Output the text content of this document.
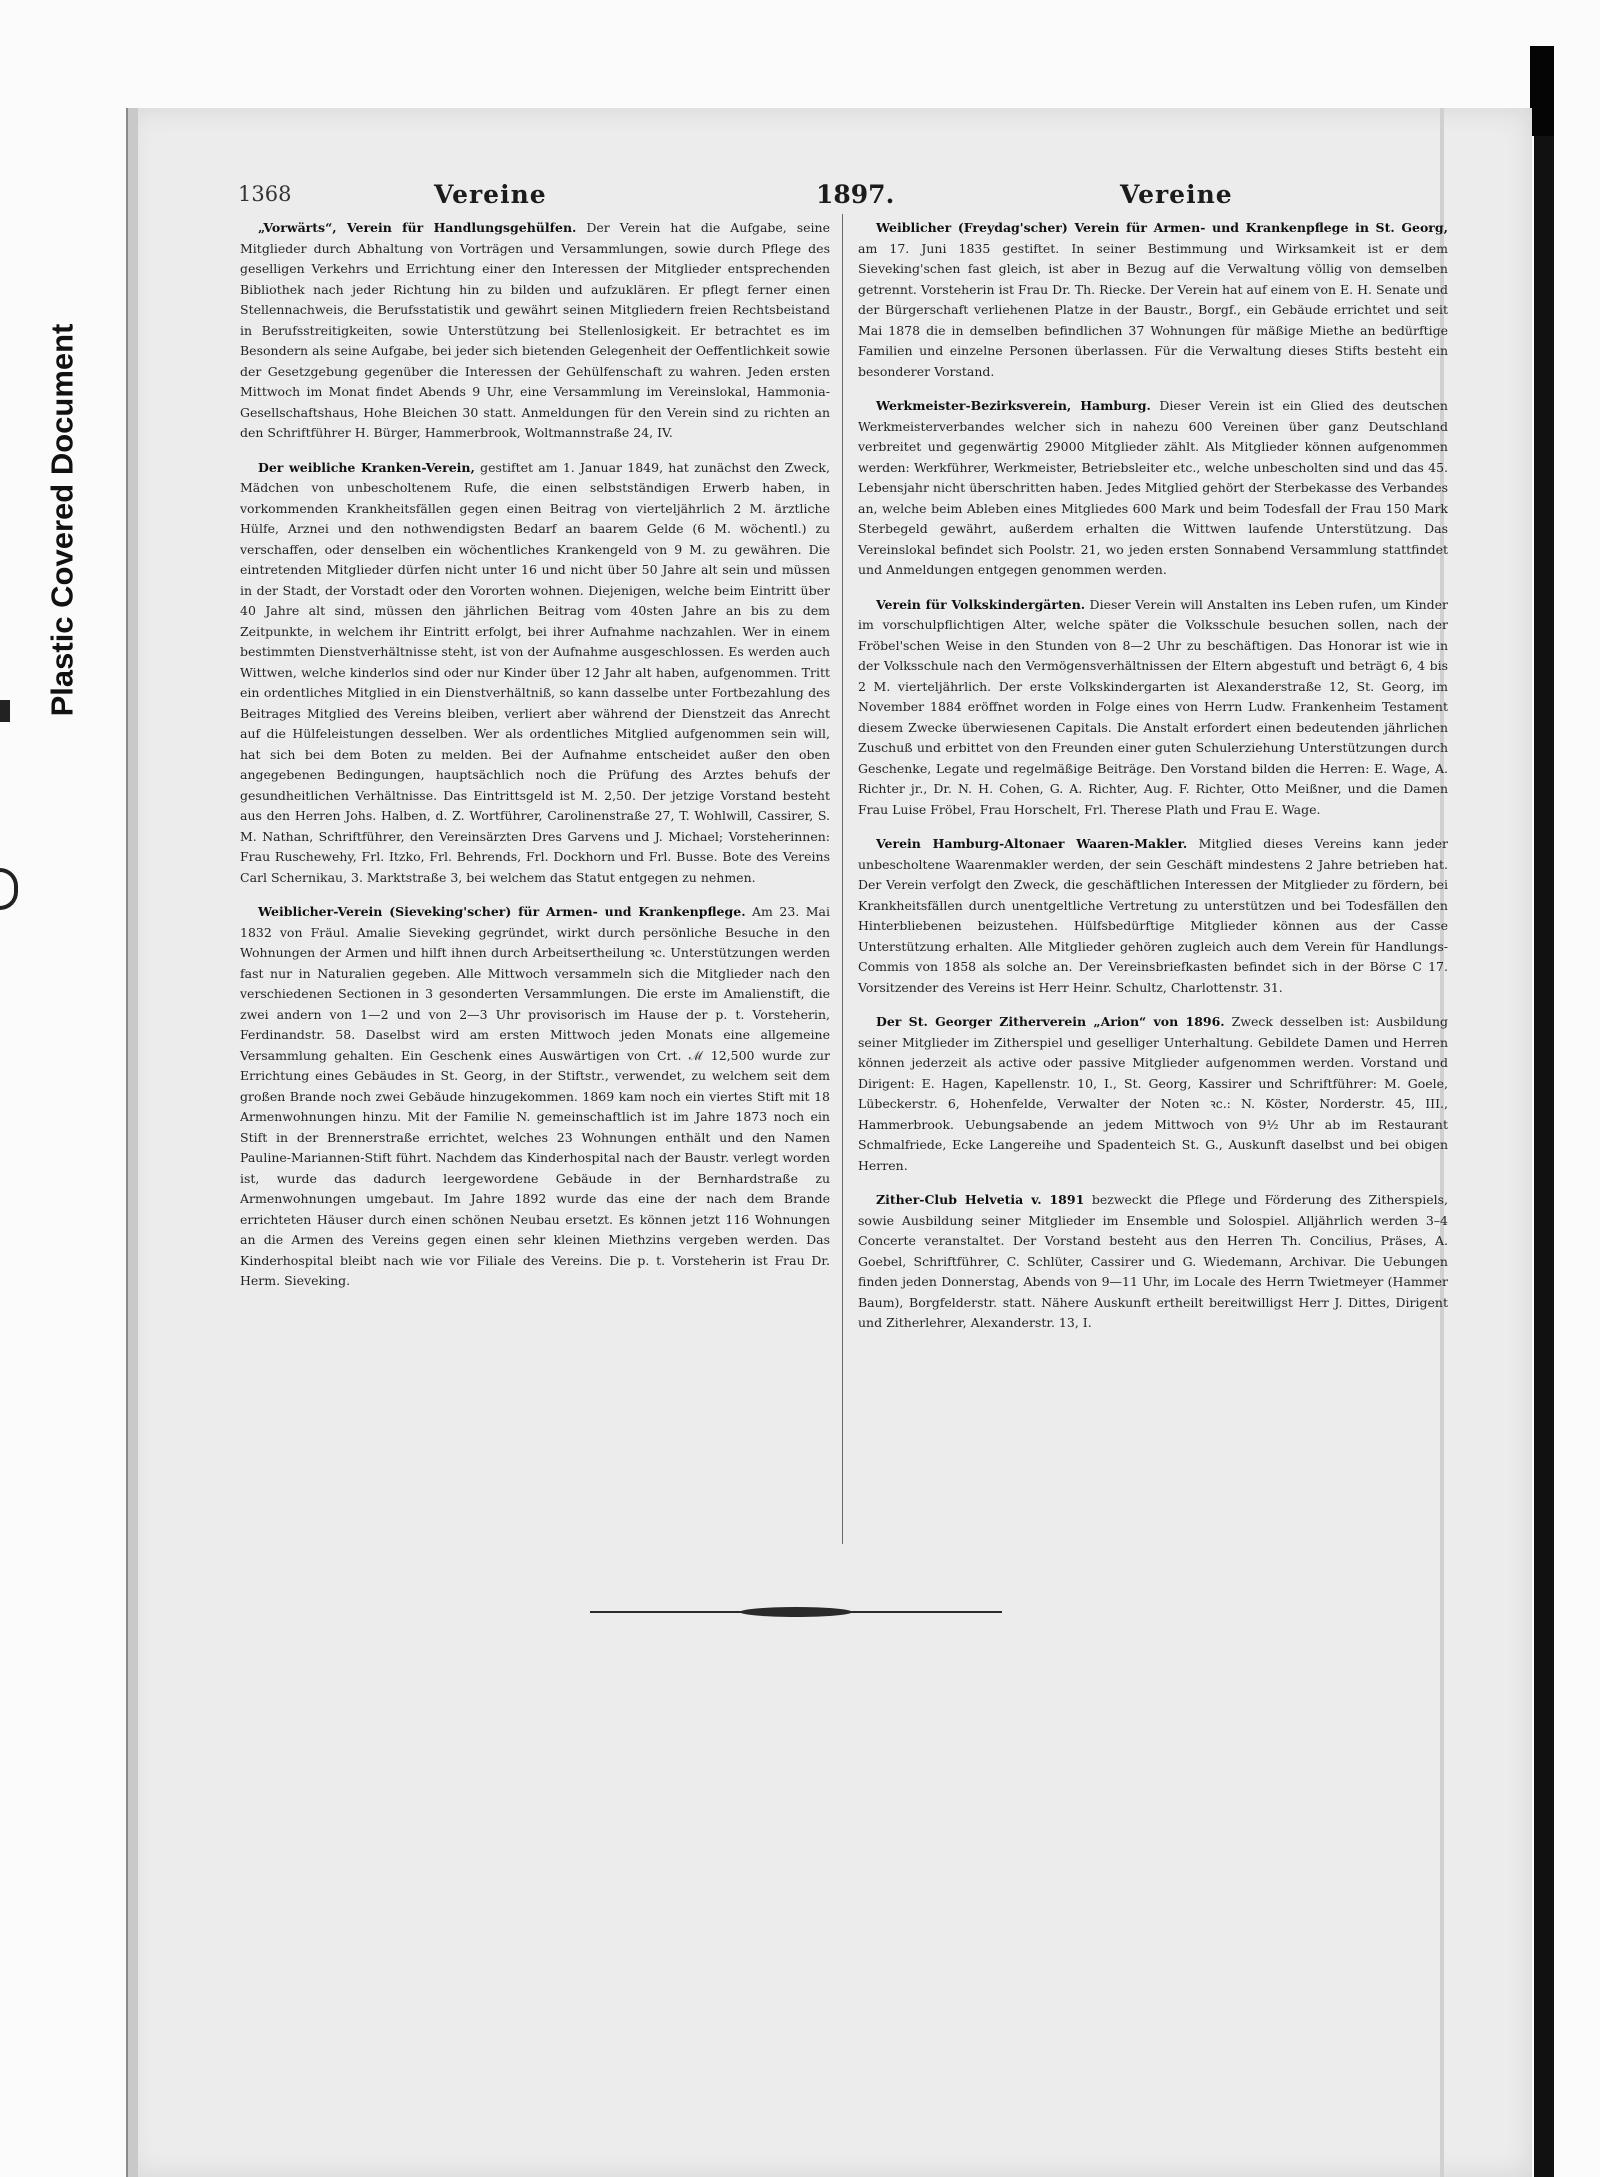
Plastic Covered Document
1368	Vereine	1897.	Vereine

„Vorwärts“, Verein für Handlungsgehülfen. Der Verein hat die Aufgabe, seine Mitglieder durch Abhaltung von Vorträgen und Versammlungen, sowie durch Pflege des geselligen Verkehrs und Errichtung einer den Interessen der Mitglieder entsprechenden Bibliothek nach jeder Richtung hin zu bilden und aufzuklären. Er pflegt ferner einen Stellennachweis, die Berufsstatistik und gewährt seinen Mitgliedern freien Rechtsbeistand in Berufsstreitigkeiten, sowie Unterstützung bei Stellenlosigkeit. Er betrachtet es im Besondern als seine Aufgabe, bei jeder sich bietenden Gelegenheit der Oeffentlichkeit sowie der Gesetzgebung gegenüber die Interessen der Gehülfenschaft zu wahren. Jeden ersten Mittwoch im Monat findet Abends 9 Uhr, eine Versammlung im Vereinslokal, Hammonia-Gesellschaftshaus, Hohe Bleichen 30 statt. Anmeldungen für den Verein sind zu richten an den Schriftführer H. Bürger, Hammerbrook, Woltmannstraße 24, IV.

Der weibliche Kranken-Verein, gestiftet am 1. Januar 1849, hat zunächst den Zweck, Mädchen von unbescholtenem Rufe, die einen selbstständigen Erwerb haben, in vorkommenden Krankheitsfällen gegen einen Beitrag von vierteljährlich 2 M. ärztliche Hülfe, Arznei und den nothwendigsten Bedarf an baarem Gelde (6 M. wöchentl.) zu verschaffen, oder denselben ein wöchentliches Krankengeld von 9 M. zu gewähren. Die eintretenden Mitglieder dürfen nicht unter 16 und nicht über 50 Jahre alt sein und müssen in der Stadt, der Vorstadt oder den Vororten wohnen. Diejenigen, welche beim Eintritt über 40 Jahre alt sind, müssen den jährlichen Beitrag vom 40sten Jahre an bis zu dem Zeitpunkte, in welchem ihr Eintritt erfolgt, bei ihrer Aufnahme nachzahlen. Wer in einem bestimmten Dienstverhältnisse steht, ist von der Aufnahme ausgeschlossen. Es werden auch Wittwen, welche kinderlos sind oder nur Kinder über 12 Jahr alt haben, aufgenommen. Tritt ein ordentliches Mitglied in ein Dienstverhältniß, so kann dasselbe unter Fortbezahlung des Beitrages Mitglied des Vereins bleiben, verliert aber während der Dienstzeit das Anrecht auf die Hülfeleistungen desselben. Wer als ordentliches Mitglied aufgenommen sein will, hat sich bei dem Boten zu melden. Bei der Aufnahme entscheidet außer den oben angegebenen Bedingungen, hauptsächlich noch die Prüfung des Arztes behufs der gesundheitlichen Verhältnisse. Das Eintrittsgeld ist M. 2,50. Der jetzige Vorstand besteht aus den Herren Johs. Halben, d. Z. Wortführer, Carolinenstraße 27, T. Wohlwill, Cassirer, S. M. Nathan, Schriftführer, den Vereinsärzten Dres Garvens und J. Michael; Vorsteherinnen: Frau Ruschewehy, Frl. Itzko, Frl. Behrends, Frl. Dockhorn und Frl. Busse. Bote des Vereins Carl Schernikau, 3. Marktstraße 3, bei welchem das Statut entgegen zu nehmen.

Weiblicher-Verein (Sieveking'scher) für Armen- und Krankenpflege. Am 23. Mai 1832 von Fräul. Amalie Sieveking gegründet, wirkt durch persönliche Besuche in den Wohnungen der Armen und hilft ihnen durch Arbeitsertheilung ꝛc. Unterstützungen werden fast nur in Naturalien gegeben. Alle Mittwoch versammeln sich die Mitglieder nach den verschiedenen Sectionen in 3 gesonderten Versammlungen. Die erste im Amalienstift, die zwei andern von 1—2 und von 2—3 Uhr provisorisch im Hause der p. t. Vorsteherin, Ferdinandstr. 58. Daselbst wird am ersten Mittwoch jeden Monats eine allgemeine Versammlung gehalten. Ein Geschenk eines Auswärtigen von Crt. ℳ 12,500 wurde zur Errichtung eines Gebäudes in St. Georg, in der Stiftstr., verwendet, zu welchem seit dem großen Brande noch zwei Gebäude hinzugekommen. 1869 kam noch ein viertes Stift mit 18 Armenwohnungen hinzu. Mit der Familie N. gemeinschaftlich ist im Jahre 1873 noch ein Stift in der Brennerstraße errichtet, welches 23 Wohnungen enthält und den Namen Pauline-Mariannen-Stift führt. Nachdem das Kinderhospital nach der Baustr. verlegt worden ist, wurde das dadurch leergewordene Gebäude in der Bernhardstraße zu Armenwohnungen umgebaut. Im Jahre 1892 wurde das eine der nach dem Brande errichteten Häuser durch einen schönen Neubau ersetzt. Es können jetzt 116 Wohnungen an die Armen des Vereins gegen einen sehr kleinen Miethzins vergeben werden. Das Kinderhospital bleibt nach wie vor Filiale des Vereins. Die p. t. Vorsteherin ist Frau Dr. Herm. Sieveking.

Weiblicher (Freydag'scher) Verein für Armen- und Krankenpflege in St. Georg, am 17. Juni 1835 gestiftet. In seiner Bestimmung und Wirksamkeit ist er dem Sieveking'schen fast gleich, ist aber in Bezug auf die Verwaltung völlig von demselben getrennt. Vorsteherin ist Frau Dr. Th. Riecke. Der Verein hat auf einem von E. H. Senate und der Bürgerschaft verliehenen Platze in der Baustr., Borgf., ein Gebäude errichtet und seit Mai 1878 die in demselben befindlichen 37 Wohnungen für mäßige Miethe an bedürftige Familien und einzelne Personen überlassen. Für die Verwaltung dieses Stifts besteht ein besonderer Vorstand.

Werkmeister-Bezirksverein, Hamburg. Dieser Verein ist ein Glied des deutschen Werkmeisterverbandes welcher sich in nahezu 600 Vereinen über ganz Deutschland verbreitet und gegenwärtig 29000 Mitglieder zählt. Als Mitglieder können aufgenommen werden: Werkführer, Werkmeister, Betriebsleiter etc., welche unbescholten sind und das 45. Lebensjahr nicht überschritten haben. Jedes Mitglied gehört der Sterbekasse des Verbandes an, welche beim Ableben eines Mitgliedes 600 Mark und beim Todesfall der Frau 150 Mark Sterbegeld gewährt, außerdem erhalten die Wittwen laufende Unterstützung. Das Vereinslokal befindet sich Poolstr. 21, wo jeden ersten Sonnabend Versammlung stattfindet und Anmeldungen entgegen genommen werden.

Verein für Volkskindergärten. Dieser Verein will Anstalten ins Leben rufen, um Kinder im vorschulpflichtigen Alter, welche später die Volksschule besuchen sollen, nach der Fröbel'schen Weise in den Stunden von 8—2 Uhr zu beschäftigen. Das Honorar ist wie in der Volksschule nach den Vermögensverhältnissen der Eltern abgestuft und beträgt 6, 4 bis 2 M. vierteljährlich. Der erste Volkskindergarten ist Alexanderstraße 12, St. Georg, im November 1884 eröffnet worden in Folge eines von Herrn Ludw. Frankenheim Testament diesem Zwecke überwiesenen Capitals. Die Anstalt erfordert einen bedeutenden jährlichen Zuschuß und erbittet von den Freunden einer guten Schulerziehung Unterstützungen durch Geschenke, Legate und regelmäßige Beiträge. Den Vorstand bilden die Herren: E. Wage, A. Richter jr., Dr. N. H. Cohen, G. A. Richter, Aug. F. Richter, Otto Meißner, und die Damen Frau Luise Fröbel, Frau Horschelt, Frl. Therese Plath und Frau E. Wage.

Verein Hamburg-Altonaer Waaren-Makler. Mitglied dieses Vereins kann jeder unbescholtene Waarenmakler werden, der sein Geschäft mindestens 2 Jahre betrieben hat. Der Verein verfolgt den Zweck, die geschäftlichen Interessen der Mitglieder zu fördern, bei Krankheitsfällen durch unentgeltliche Vertretung zu unterstützen und bei Todesfällen den Hinterbliebenen beizustehen. Hülfsbedürftige Mitglieder können aus der Casse Unterstützung erhalten. Alle Mitglieder gehören zugleich auch dem Verein für Handlungs-Commis von 1858 als solche an. Der Vereinsbriefkasten befindet sich in der Börse C 17. Vorsitzender des Vereins ist Herr Heinr. Schultz, Charlottenstr. 31.

Der St. Georger Zitherverein „Arion“ von 1896. Zweck desselben ist: Ausbildung seiner Mitglieder im Zitherspiel und geselliger Unterhaltung. Gebildete Damen und Herren können jederzeit als active oder passive Mitglieder aufgenommen werden. Vorstand und Dirigent: E. Hagen, Kapellenstr. 10, I., St. Georg, Kassirer und Schriftführer: M. Goele, Lübeckerstr. 6, Hohenfelde, Verwalter der Noten ꝛc.: N. Köster, Norderstr. 45, III., Hammerbrook. Uebungsabende an jedem Mittwoch von 9½ Uhr ab im Restaurant Schmalfriede, Ecke Langereihe und Spadenteich St. G., Auskunft daselbst und bei obigen Herren.

Zither-Club Helvetia v. 1891 bezweckt die Pflege und Förderung des Zitherspiels, sowie Ausbildung seiner Mitglieder im Ensemble und Solospiel. Alljährlich werden 3–4 Concerte veranstaltet. Der Vorstand besteht aus den Herren Th. Concilius, Präses, A. Goebel, Schriftführer, C. Schlüter, Cassirer und G. Wiedemann, Archivar. Die Uebungen finden jeden Donnerstag, Abends von 9—11 Uhr, im Locale des Herrn Twietmeyer (Hammer Baum), Borgfelderstr. statt. Nähere Auskunft ertheilt bereitwilligst Herr J. Dittes, Dirigent und Zitherlehrer, Alexanderstr. 13, I.
